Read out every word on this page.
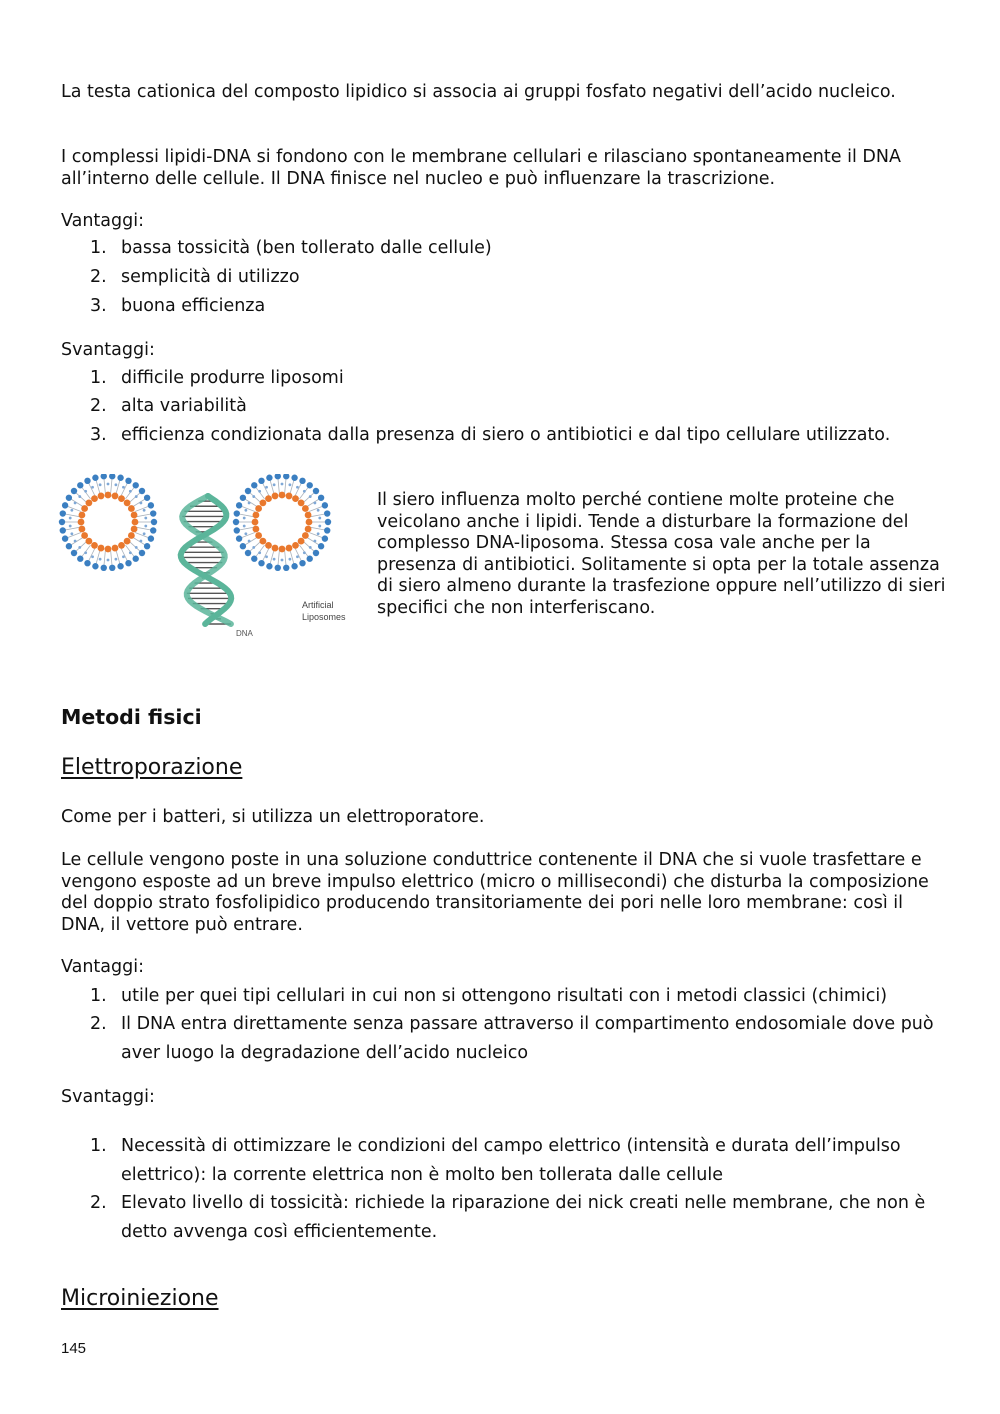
La testa cationica del composto lipidico si associa ai gruppi fosfato negativi dell’acido nucleico.

I complessi lipidi-DNA si fondono con le membrane cellulari e rilasciano spontaneamente il DNA all’interno delle cellule. Il DNA finisce nel nucleo e può influenzare la trascrizione.

Vantaggi:
1. bassa tossicità (ben tollerato dalle cellule)
2. semplicità di utilizzo
3. buona efficienza
Svantaggi:
1. difficile produrre liposomi
2. alta variabilità
3. efficienza condizionata dalla presenza di siero o antibiotici e dal tipo cellulare utilizzato.
DNA
Artificial
Liposomes
Il siero influenza molto perché contiene molte proteine che veicolano anche i lipidi. Tende a disturbare la formazione del complesso DNA-liposoma. Stessa cosa vale anche per la presenza di antibiotici. Solitamente si opta per la totale assenza di siero almeno durante la trasfezione oppure nell’utilizzo di sieri specifici che non interferiscano.
Metodi fisici
Elettroporazione

Come per i batteri, si utilizza un elettroporatore.

Le cellule vengono poste in una soluzione conduttrice contenente il DNA che si vuole trasfettare e vengono esposte ad un breve impulso elettrico (micro o millisecondi) che disturba la composizione del doppio strato fosfolipidico producendo transitoriamente dei pori nelle loro membrane: così il DNA, il vettore può entrare.

Vantaggi:
1. utile per quei tipi cellulari in cui non si ottengono risultati con i metodi classici (chimici)
2. Il DNA entra direttamente senza passare attraverso il compartimento endosomiale dove può aver luogo la degradazione dell’acido nucleico
Svantaggi:
1. Necessità di ottimizzare le condizioni del campo elettrico (intensità e durata dell’impulso elettrico): la corrente elettrica non è molto ben tollerata dalle cellule
2. Elevato livello di tossicità: richiede la riparazione dei nick creati nelle membrane, che non è detto avvenga così efficientemente.
Microiniezione
145
